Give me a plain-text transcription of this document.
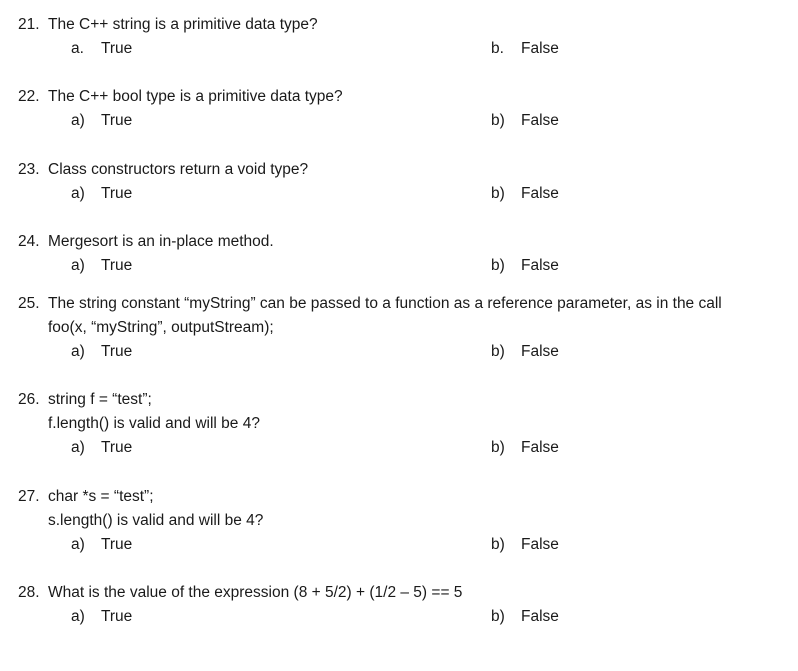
21. The C++ string is a primitive data type?
a. True	b. False
22. The C++ bool type is a primitive data type?
a) True	b) False
23. Class constructors return a void type?
a) True	b) False
24. Mergesort is an in-place method.
a) True	b) False
25. The string constant “myString” can be passed to a function as a reference parameter, as in the call
foo(x, “myString”, outputStream);
a) True	b) False
26. string f = “test”;
f.length() is valid and will be 4?
a) True	b) False
27. char *s = “test”;
s.length() is valid and will be 4?
a) True	b) False
28. What is the value of the expression (8 + 5/2) + (1/2 – 5) == 5
a) True	b) False
